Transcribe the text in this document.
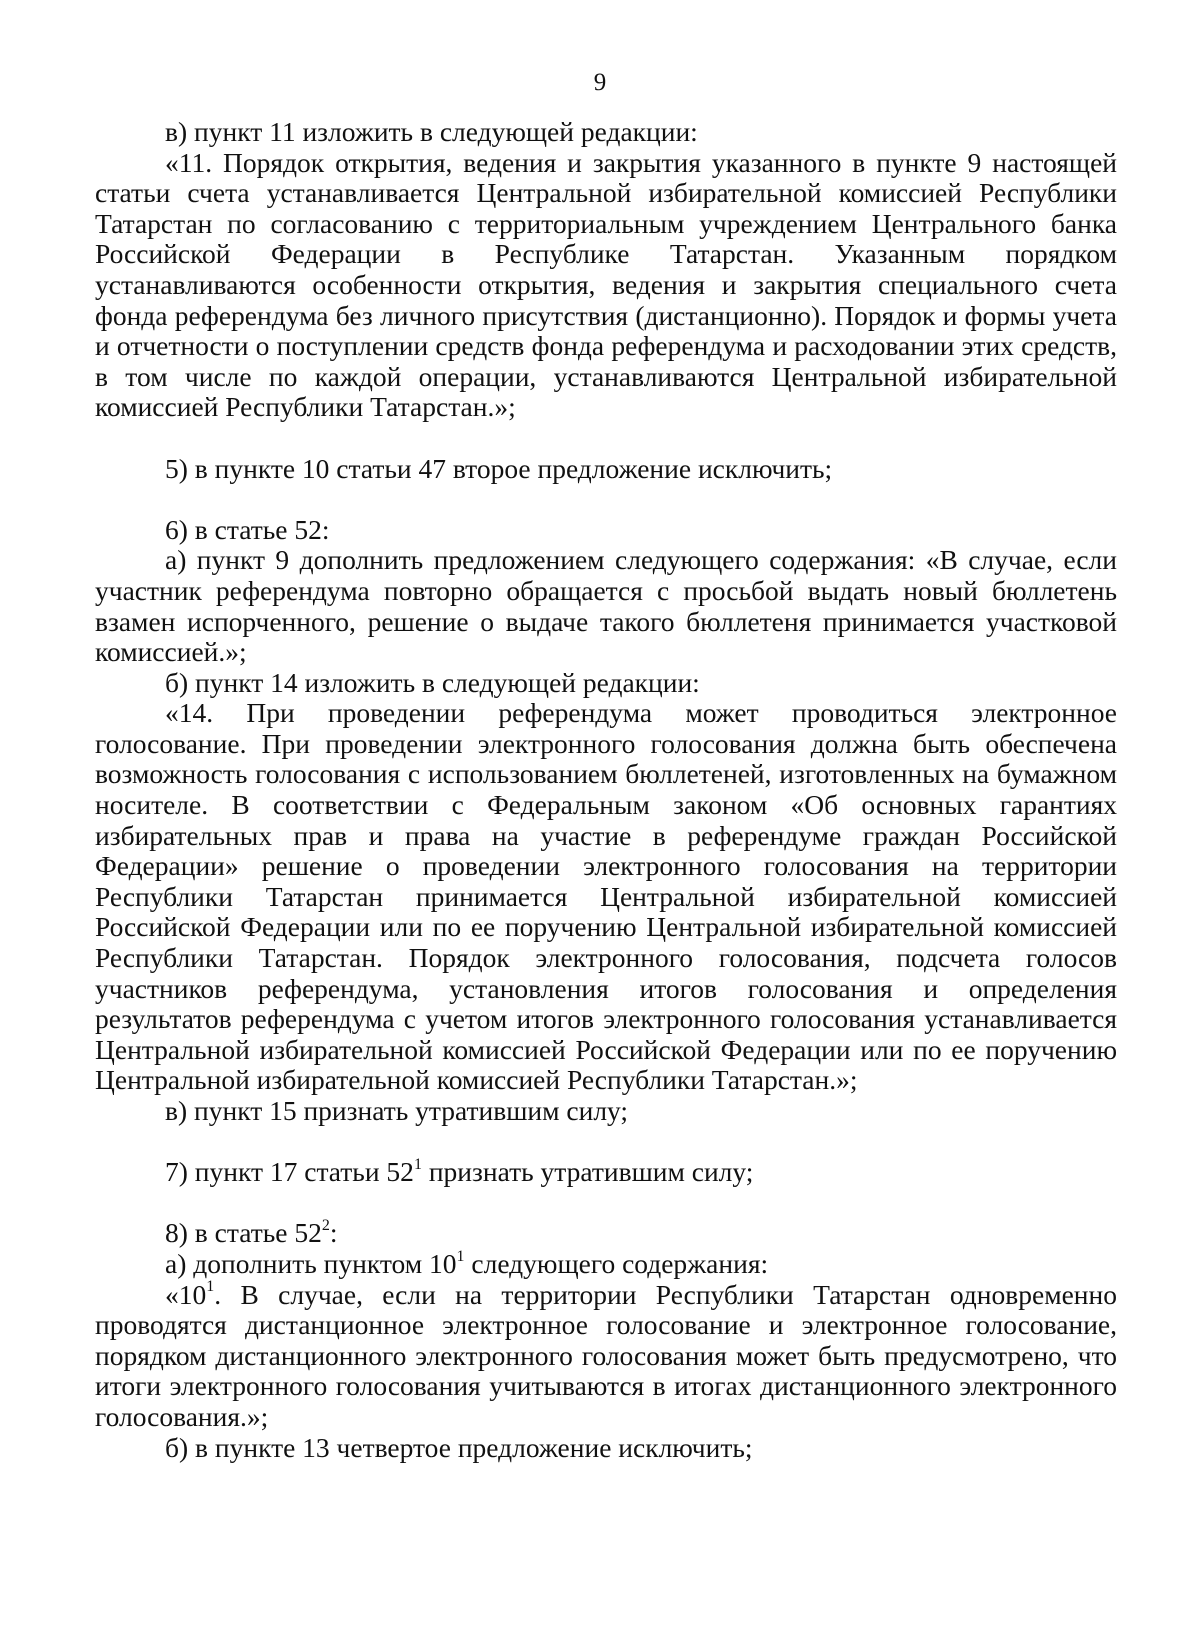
9

в) пункт 11 изложить в следующей редакции:

«11. Порядок открытия, ведения и закрытия указанного в пункте 9 настоящей статьи счета устанавливается Центральной избирательной комиссией Республики Татарстан по согласованию с территориальным учреждением Центрального банка Российской Федерации в Республике Татарстан. Указанным порядком устанавливаются особенности открытия, ведения и закрытия специального счета фонда референдума без личного присутствия (дистанционно). Порядок и формы учета и отчетности о поступлении средств фонда референдума и расходовании этих средств, в том числе по каждой операции, устанавливаются Центральной избирательной комиссией Республики Татарстан.»;

5) в пункте 10 статьи 47 второе предложение исключить;

6) в статье 52:

а) пункт 9 дополнить предложением следующего содержания: «В случае, если участник референдума повторно обращается с просьбой выдать новый бюллетень взамен испорченного, решение о выдаче такого бюллетеня принимается участковой комиссией.»;

б) пункт 14 изложить в следующей редакции:

«14. При проведении референдума может проводиться электронное голосование. При проведении электронного голосования должна быть обеспечена возможность голосования с использованием бюллетеней, изготовленных на бумажном носителе. В соответствии с Федеральным законом «Об основных гарантиях избирательных прав и права на участие в референдуме граждан Российской Федерации» решение о проведении электронного голосования на территории Республики Татарстан принимается Центральной избирательной комиссией Российской Федерации или по ее поручению Центральной избирательной комиссией Республики Татарстан. Порядок электронного голосования, подсчета голосов участников референдума, установления итогов голосования и определения результатов референдума с учетом итогов электронного голосования устанавливается Центральной избирательной комиссией Российской Федерации или по ее поручению Центральной избирательной комиссией Республики Татарстан.»;

в) пункт 15 признать утратившим силу;

7) пункт 17 статьи $52^1$ признать утратившим силу;

8) в статье $52^2$:

а) дополнить пунктом $10^1$ следующего содержания:

«$10^1$. В случае, если на территории Республики Татарстан одновременно проводятся дистанционное электронное голосование и электронное голосование, порядком дистанционного электронного голосования может быть предусмотрено, что итоги электронного голосования учитываются в итогах дистанционного электронного голосования.»;

б) в пункте 13 четвертое предложение исключить;
